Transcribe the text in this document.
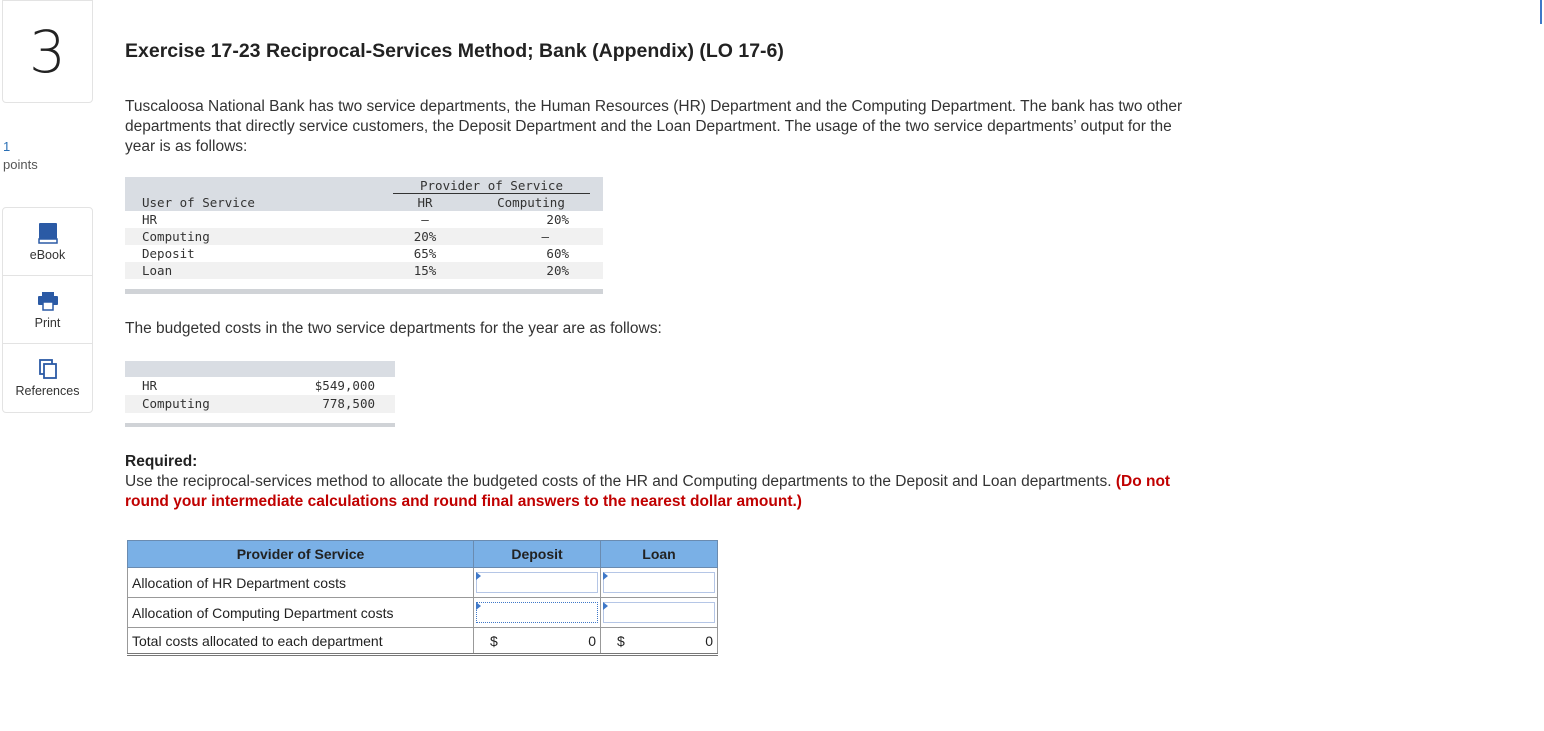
3
1
points
eBook
Print
References
Exercise 17-23 Reciprocal-Services Method; Bank (Appendix) (LO 17-6)
Tuscaloosa National Bank has two service departments, the Human Resources (HR) Department and the Computing Department. The bank has two other departments that directly service customers, the Deposit Department and the Loan Department. The usage of the two service departments’ output for the year is as follows:
Provider of Service
User of Service	HR	Computing
HR	—	20%
Computing	20%	—
Deposit	65%	60%
Loan	15%	20%
The budgeted costs in the two service departments for the year are as follows:
HR	$549,000
Computing	778,500
Required:
Use the reciprocal-services method to allocate the budgeted costs of the HR and Computing departments to the Deposit and Loan departments. (Do not round your intermediate calculations and round final answers to the nearest dollar amount.)
Provider of Service	Deposit	Loan
Allocation of HR Department costs	

Allocation of Computing Department costs	

Total costs allocated to each department	$ 0	$ 0
